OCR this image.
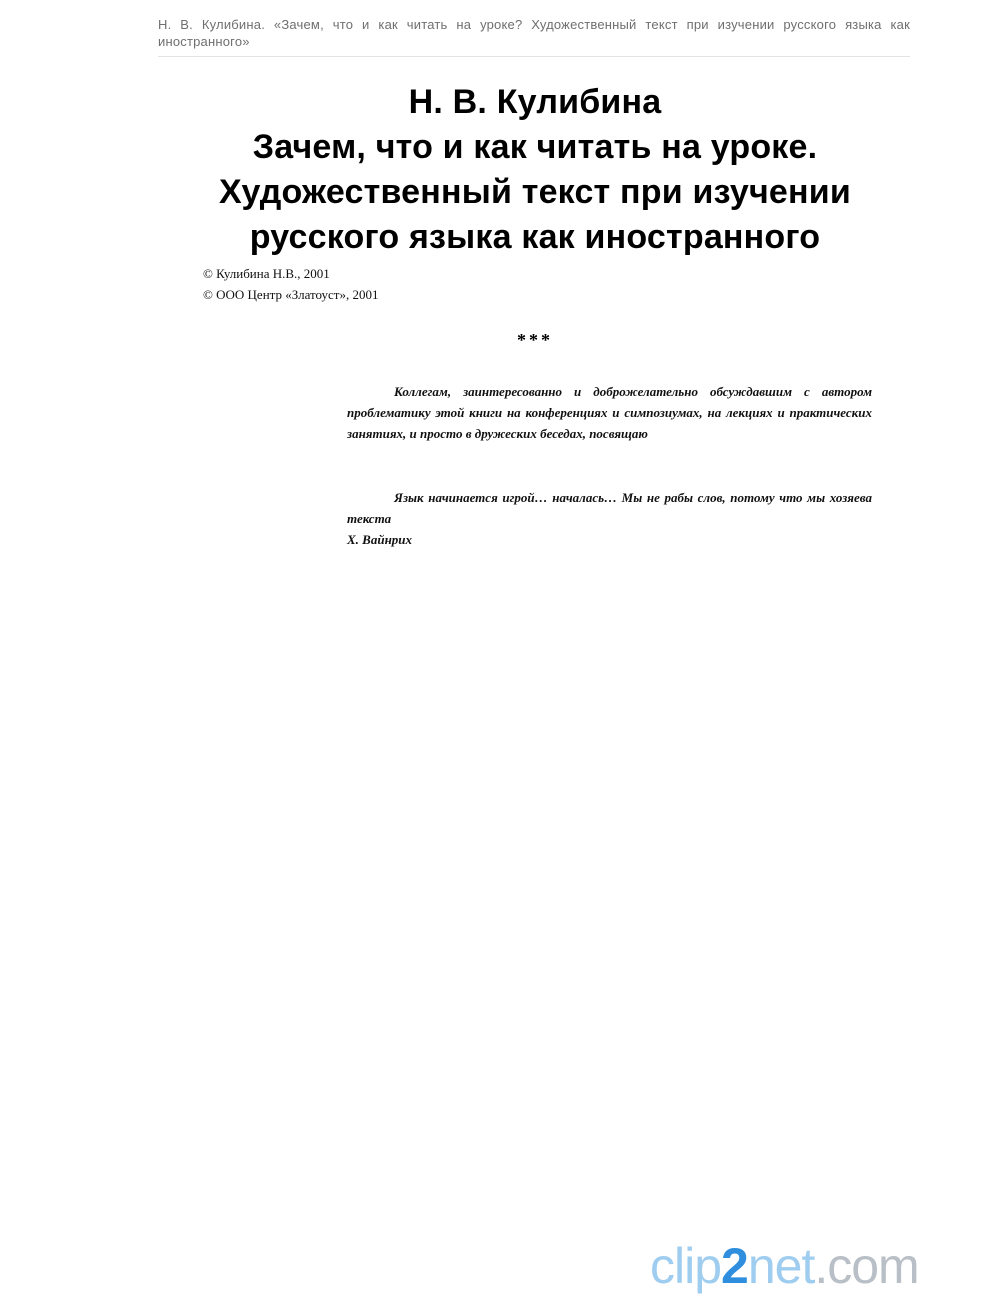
Н. В. Кулибина. «Зачем, что и как читать на уроке? Художественный текст при изучении русского языка как иностранного»
Н. В. Кулибина
Зачем, что и как читать на уроке.
Художественный текст при изучении
русского языка как иностранного
© Кулибина Н.В., 2001
© ООО Центр «Златоуст», 2001
***

Коллегам, заинтересованно и доброжелательно обсуждавшим с автором проблематику этой книги на конференциях и симпозиумах, на лекциях и практических занятиях, и просто в дружеских беседах, посвящаю

Язык начинается игрой… началась… Мы не рабы слов, потому что мы хозяева текста

Х. Вайнрих
clip2net.com
